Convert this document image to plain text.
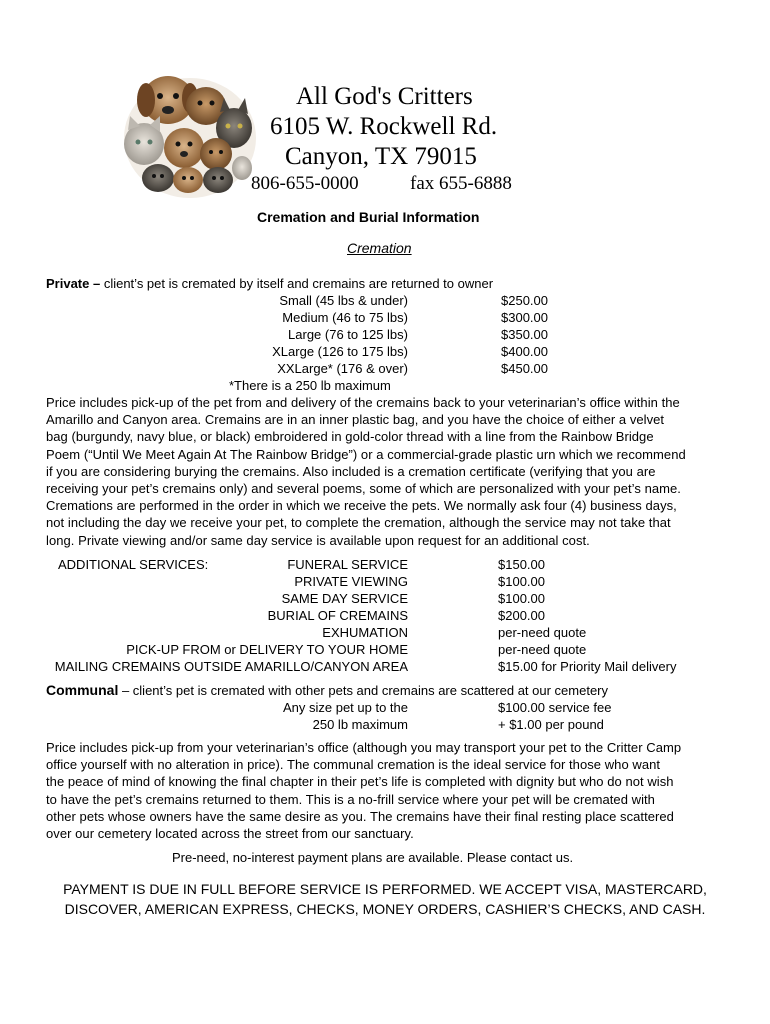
All God's Critters
6105 W. Rockwell Rd.
Canyon, TX 79015
806-655-0000	fax 655-6888
Cremation and Burial Information
Cremation
Private – client’s pet is cremated by itself and cremains are returned to owner
Small (45 lbs & under)	$250.00
Medium (46 to 75 lbs)	$300.00
Large (76 to 125 lbs)	$350.00
XLarge (126 to 175 lbs)	$400.00
XXLarge* (176 & over)	$450.00
*There is a 250 lb maximum
Price includes pick-up of the pet from and delivery of the cremains back to your veterinarian’s office within the
Amarillo and Canyon area. Cremains are in an inner plastic bag, and you have the choice of either a velvet
bag (burgundy, navy blue, or black) embroidered in gold-color thread with a line from the Rainbow Bridge
Poem (“Until We Meet Again At The Rainbow Bridge”) or a commercial-grade plastic urn which we recommend
if you are considering burying the cremains. Also included is a cremation certificate (verifying that you are
receiving your pet’s cremains only) and several poems, some of which are personalized with your pet’s name.
Cremations are performed in the order in which we receive the pets. We normally ask four (4) business days,
not including the day we receive your pet, to complete the cremation, although the service may not take that
long. Private viewing and/or same day service is available upon request for an additional cost.
ADDITIONAL SERVICES:	FUNERAL SERVICE	$150.00
PRIVATE VIEWING	$100.00
SAME DAY SERVICE	$100.00
BURIAL OF CREMAINS	$200.00
EXHUMATION	per-need quote
PICK-UP FROM or DELIVERY TO YOUR HOME	per-need quote
MAILING CREMAINS OUTSIDE AMARILLO/CANYON AREA	$15.00 for Priority Mail delivery
Communal – client’s pet is cremated with other pets and cremains are scattered at our cemetery
Any size pet up to the	$100.00 service fee
250 lb maximum	+ $1.00 per pound
Price includes pick-up from your veterinarian’s office (although you may transport your pet to the Critter Camp
office yourself with no alteration in price). The communal cremation is the ideal service for those who want
the peace of mind of knowing the final chapter in their pet’s life is completed with dignity but who do not wish
to have the pet’s cremains returned to them. This is a no-frill service where your pet will be cremated with
other pets whose owners have the same desire as you. The cremains have their final resting place scattered
over our cemetery located across the street from our sanctuary.
Pre-need, no-interest payment plans are available. Please contact us.
PAYMENT IS DUE IN FULL BEFORE SERVICE IS PERFORMED. WE ACCEPT VISA, MASTERCARD,
DISCOVER, AMERICAN EXPRESS, CHECKS, MONEY ORDERS, CASHIER’S CHECKS, AND CASH.
